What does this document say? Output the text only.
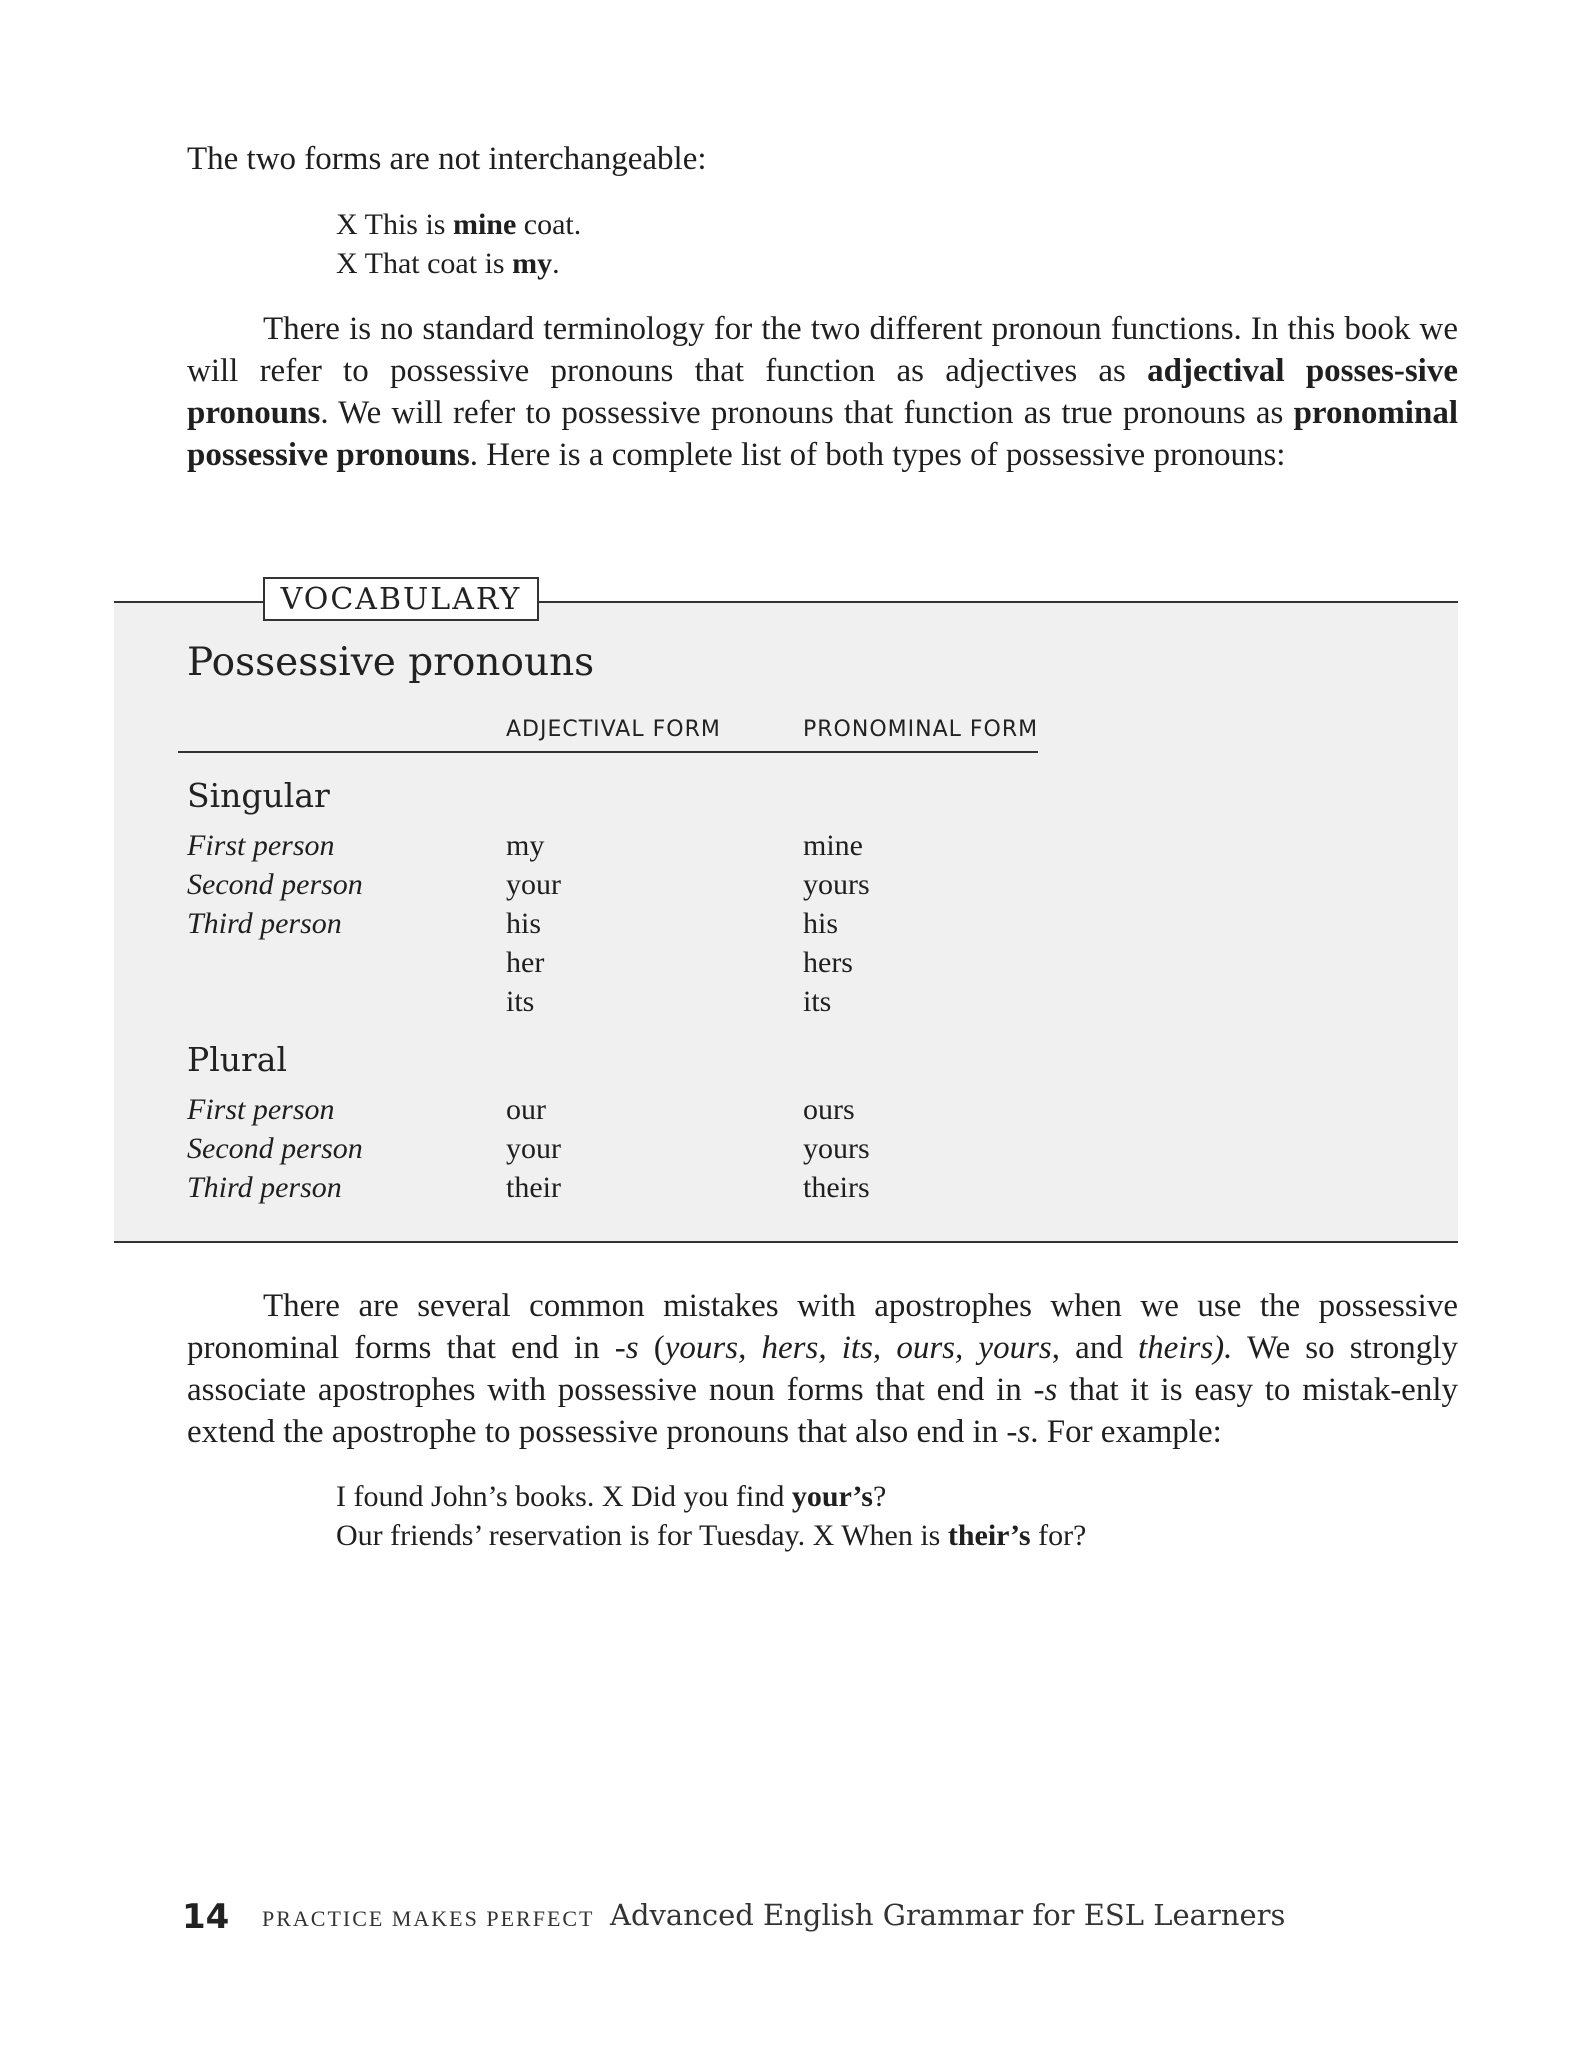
The two forms are not interchangeable:
X This is mine coat.
X That coat is my.
There is no standard terminology for the two different pronoun functions. In this book we will refer to possessive pronouns that function as adjectives as adjectival posses-sive pronouns. We will refer to possessive pronouns that function as true pronouns as pronominal possessive pronouns. Here is a complete list of both types of possessive pronouns:
VOCABULARY
Possessive pronouns
ADJECTIVAL FORM	PRONOMINAL FORM
Singular
First person
Second person
Third person
my
your
his
her
its
mine
yours
his
hers
its
Plural
First person
Second person
Third person
our
your
their
ours
yours
theirs
There are several common mistakes with apostrophes when we use the possessive pronominal forms that end in -s (yours, hers, its, ours, yours, and theirs). We so strongly associate apostrophes with possessive noun forms that end in -s that it is easy to mistak-enly extend the apostrophe to possessive pronouns that also end in -s. For example:
I found John’s books. X Did you find your’s?
Our friends’ reservation is for Tuesday. X When is their’s for?
14 PRACTICE MAKES PERFECT Advanced English Grammar for ESL Learners
